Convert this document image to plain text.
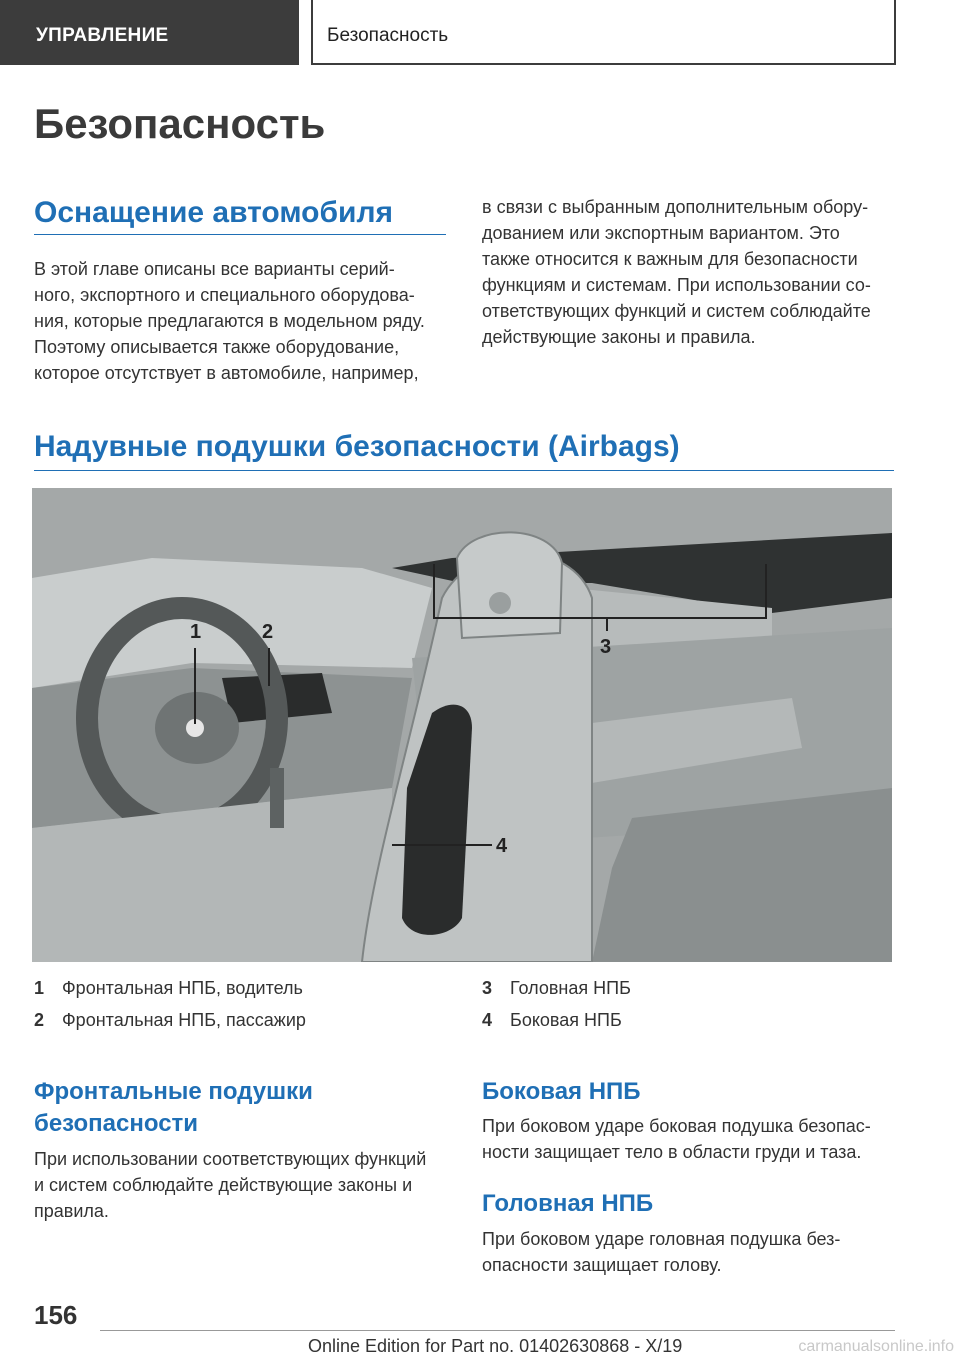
УПРАВЛЕНИЕ	Безопасность
Безопасность
Оснащение автомобиля
В этой главе описаны все варианты серий-
ного, экспортного и специального оборудова-
ния, которые предлагаются в модельном ряду.
Поэтому описывается также оборудование,
которое отсутствует в автомобиле, например,
в связи с выбранным дополнительным обору-
дованием или экспортным вариантом. Это
также относится к важным для безопасности
функциям и системам. При использовании со-
ответствующих функций и систем соблюдайте
действующие законы и правила.
Надувные подушки безопасности (Airbags)
1	2
3
4
1 Фронтальная НПБ, водитель
2 Фронтальная НПБ, пассажир
3 Головная НПБ
4 Боковая НПБ
Фронтальные подушки
безопасности
При использовании соответствующих функций
и систем соблюдайте действующие законы и
правила.
Боковая НПБ
При боковом ударе боковая подушка безопас-
ности защищает тело в области груди и таза.
Головная НПБ
При боковом ударе головная подушка без-
опасности защищает голову.
156
Online Edition for Part no. 01402630868 - X/19	carmanualsonline.info
